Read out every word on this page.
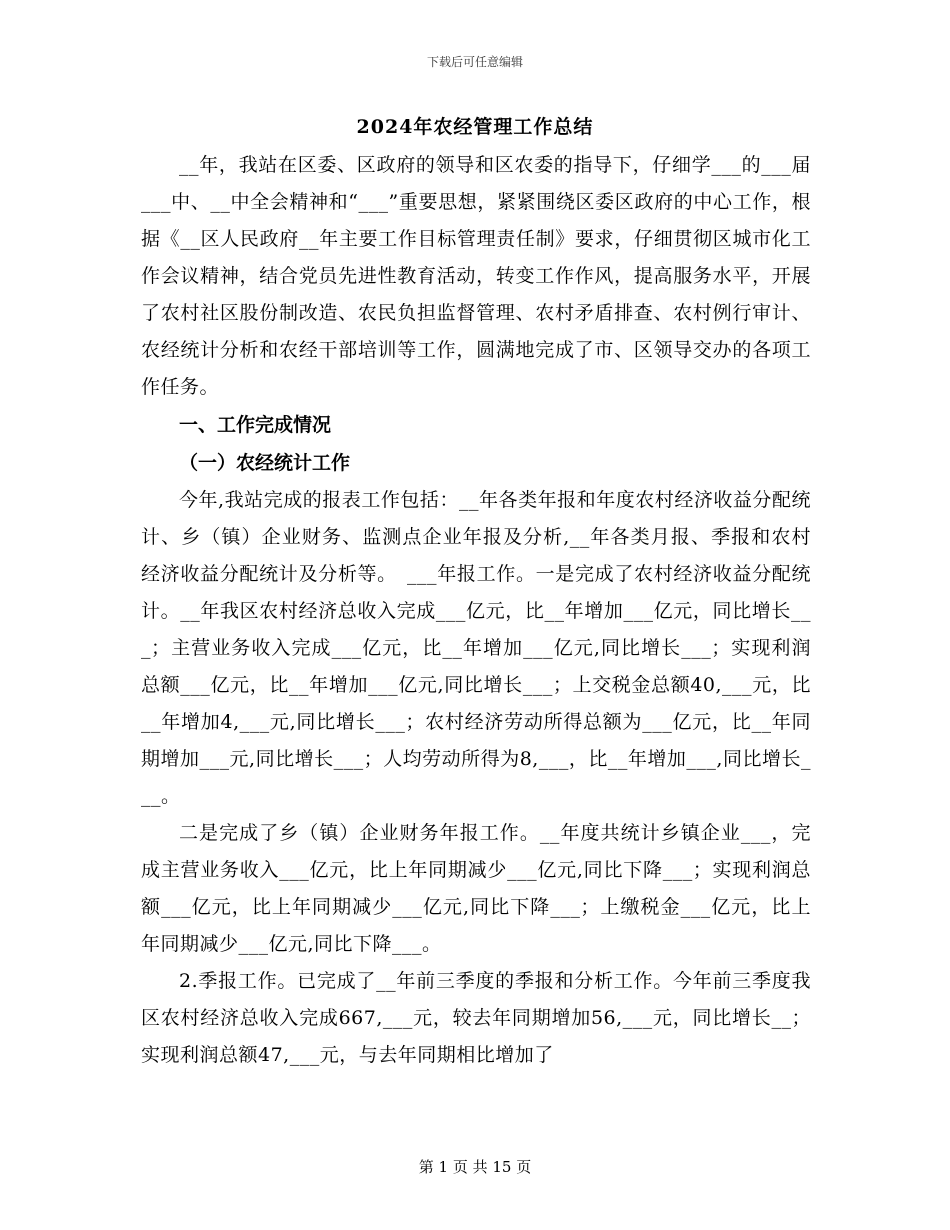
下载后可任意编辑
2024年农经管理工作总结

__年，我站在区委、区政府的领导和区农委的指导下，仔细学___的___届___中、__中全会精神和“___”重要思想，紧紧围绕区委区政府的中心工作，根据《__区人民政府__年主要工作目标管理责任制》要求，仔细贯彻区城市化工作会议精神，结合党员先进性教育活动，转变工作作风，提高服务水平，开展了农村社区股份制改造、农民负担监督管理、农村矛盾排查、农村例行审计、农经统计分析和农经干部培训等工作，圆满地完成了市、区领导交办的各项工作任务。

一、工作完成情况

（一）农经统计工作

今年,我站完成的报表工作包括：__年各类年报和年度农村经济收益分配统计、乡（镇）企业财务、监测点企业年报及分析,__年各类月报、季报和农村经济收益分配统计及分析等。　___年报工作。一是完成了农村经济收益分配统计。__年我区农村经济总收入完成___亿元，比__年增加___亿元，同比增长___；主营业务收入完成___亿元，比__年增加___亿元,同比增长___；实现利润总额___亿元，比__年增加___亿元,同比增长___；上交税金总额40,___元，比__年增加4,___元,同比增长___；农村经济劳动所得总额为___亿元，比__年同期增加___元,同比增长___；人均劳动所得为8,___，比__年增加___,同比增长___。

二是完成了乡（镇）企业财务年报工作。__年度共统计乡镇企业___，完成主营业务收入___亿元，比上年同期减少___亿元,同比下降___；实现利润总额___亿元，比上年同期减少___亿元,同比下降___；上缴税金___亿元，比上年同期减少___亿元,同比下降___。

2.季报工作。已完成了__年前三季度的季报和分析工作。今年前三季度我区农村经济总收入完成667,___元，较去年同期增加56,___元，同比增长__；实现利润总额47,___元，与去年同期相比增加了

第 1 页 共 15 页
